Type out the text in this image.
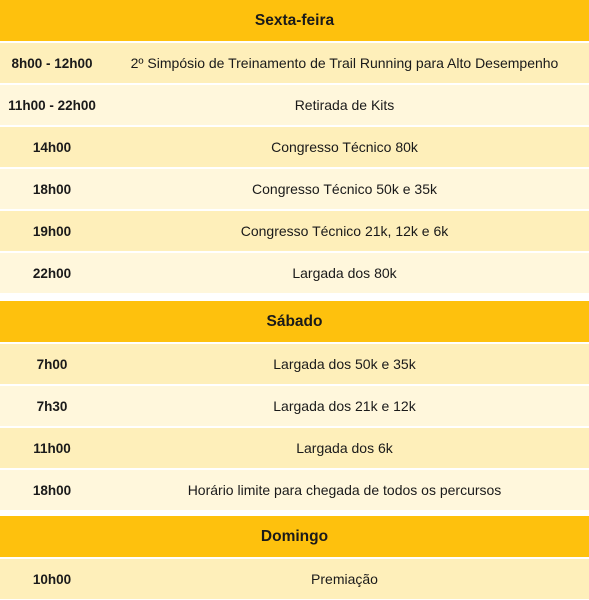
Sexta-feira
8h00 - 12h00	2º Simpósio de Treinamento de Trail Running para Alto Desempenho
11h00 - 22h00	Retirada de Kits
14h00	Congresso Técnico 80k
18h00	Congresso Técnico 50k e 35k
19h00	Congresso Técnico 21k, 12k e 6k
22h00	Largada dos 80k
Sábado
7h00	Largada dos 50k e 35k
7h30	Largada dos 21k e 12k
11h00	Largada dos 6k
18h00	Horário limite para chegada de todos os percursos
Domingo
10h00	Premiação
